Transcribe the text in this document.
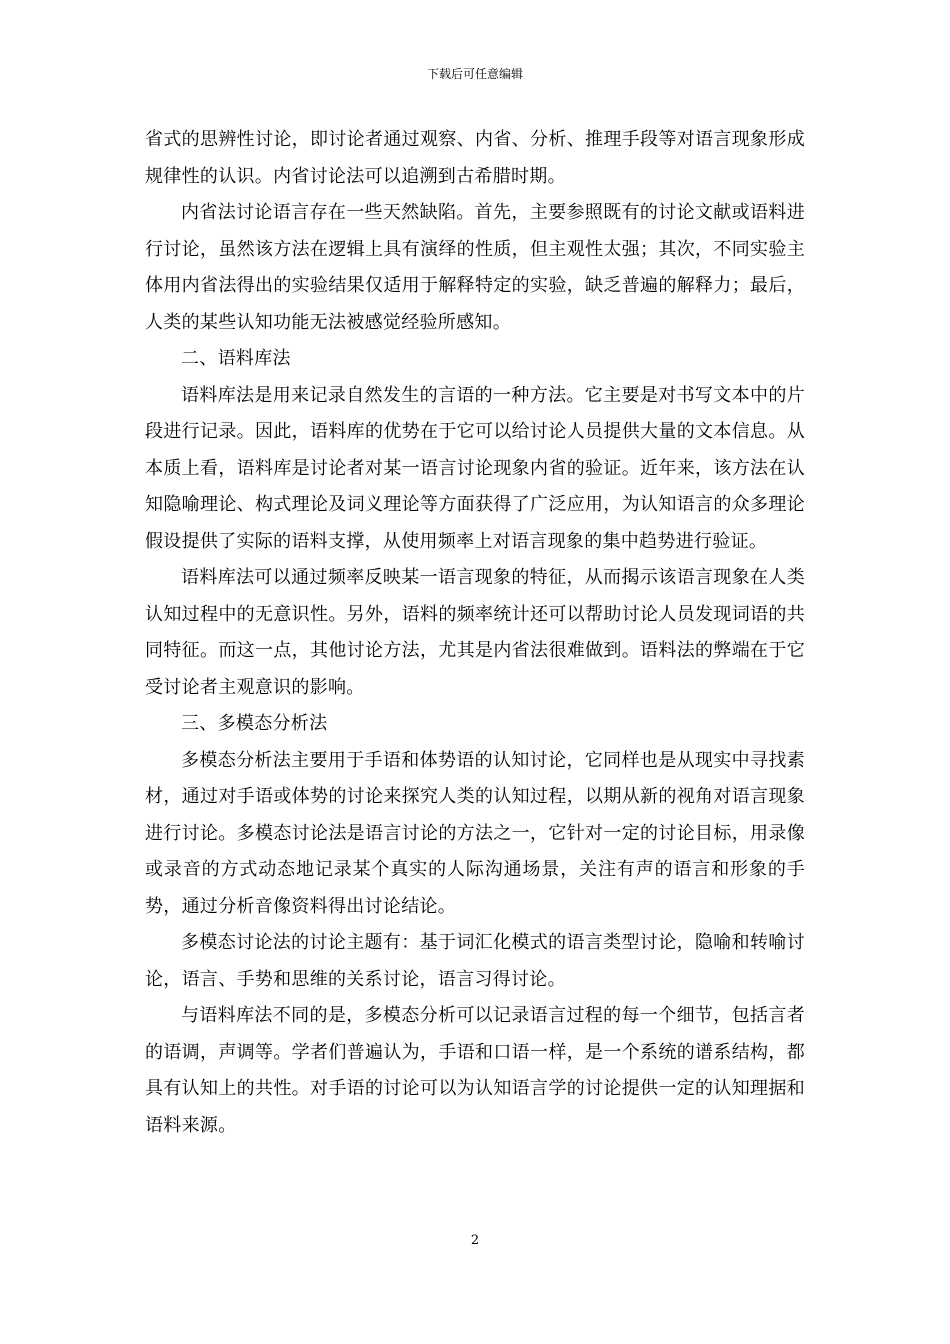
下载后可任意编辑

省式的思辨性讨论，即讨论者通过观察、内省、分析、推理手段等对语言现象形成规律性的认识。内省讨论法可以追溯到古希腊时期。

内省法讨论语言存在一些天然缺陷。首先，主要参照既有的讨论文献或语料进行讨论，虽然该方法在逻辑上具有演绎的性质，但主观性太强；其次，不同实验主体用内省法得出的实验结果仅适用于解释特定的实验，缺乏普遍的解释力；最后，人类的某些认知功能无法被感觉经验所感知。

二、语料库法

语料库法是用来记录自然发生的言语的一种方法。它主要是对书写文本中的片段进行记录。因此，语料库的优势在于它可以给讨论人员提供大量的文本信息。从本质上看，语料库是讨论者对某一语言讨论现象内省的验证。近年来，该方法在认知隐喻理论、构式理论及词义理论等方面获得了广泛应用，为认知语言的众多理论假设提供了实际的语料支撑，从使用频率上对语言现象的集中趋势进行验证。

语料库法可以通过频率反映某一语言现象的特征，从而揭示该语言现象在人类认知过程中的无意识性。另外，语料的频率统计还可以帮助讨论人员发现词语的共同特征。而这一点，其他讨论方法，尤其是内省法很难做到。语料法的弊端在于它受讨论者主观意识的影响。

三、多模态分析法

多模态分析法主要用于手语和体势语的认知讨论，它同样也是从现实中寻找素材，通过对手语或体势的讨论来探究人类的认知过程，以期从新的视角对语言现象进行讨论。多模态讨论法是语言讨论的方法之一，它针对一定的讨论目标，用录像或录音的方式动态地记录某个真实的人际沟通场景，关注有声的语言和形象的手势，通过分析音像资料得出讨论结论。

多模态讨论法的讨论主题有：基于词汇化模式的语言类型讨论，隐喻和转喻讨论，语言、手势和思维的关系讨论，语言习得讨论。

与语料库法不同的是，多模态分析可以记录语言过程的每一个细节，包括言者的语调，声调等。学者们普遍认为，手语和口语一样，是一个系统的谱系结构，都具有认知上的共性。对手语的讨论可以为认知语言学的讨论提供一定的认知理据和语料来源。

2
